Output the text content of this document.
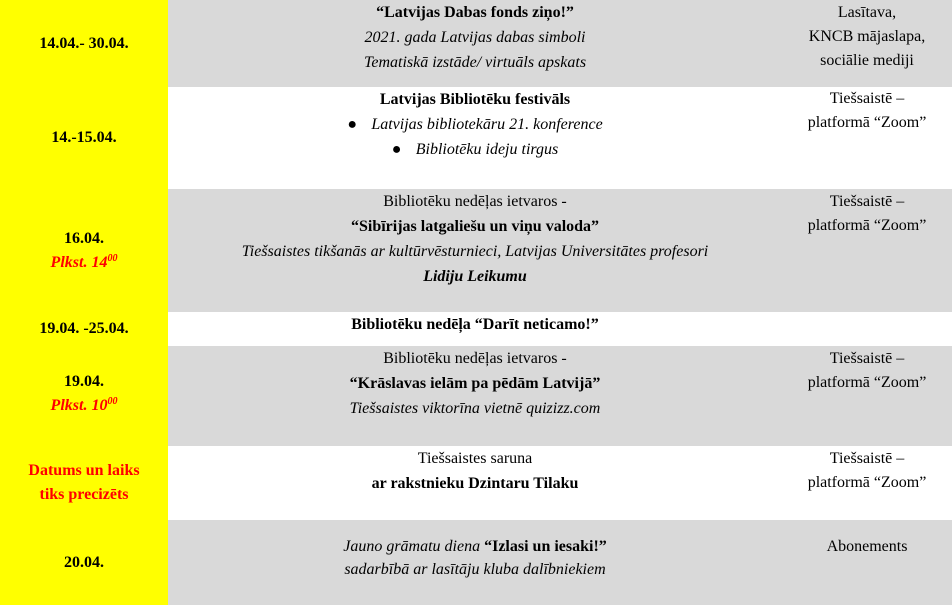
14.04.- 30.04.
“Latvijas Dabas fonds ziņo!”
2021. gada Latvijas dabas simboli
Tematiskā izstāde/ virtuāls apskats
Lasītava,
KNCB mājaslapa,
sociālie mediji
14.-15.04.
Latvijas Bibliotēku festivāls
● Latvijas bibliotekāru 21. konference
● Bibliotēku ideju tirgus
Tiešsaistē –
platformā “Zoom”
16.04.
Plkst. $14^{00}$
Bibliotēku nedēļas ietvaros -
“Sibīrijas latgaliešu un viņu valoda”
Tiešsaistes tikšanās ar kultūrvēsturnieci, Latvijas Universitātes profesori
Lidiju Leikumu
Tiešsaistē –
platformā “Zoom”
19.04. -25.04.	Bibliotēku nedēļa “Darīt neticamo!”
19.04.
Plkst. $10^{00}$
Bibliotēku nedēļas ietvaros -
“Krāslavas ielām pa pēdām Latvijā”
Tiešsaistes viktorīna vietnē quizizz.com
Tiešsaistē –
platformā “Zoom”
Datums un laiks
tiks precizēts
Tiešsaistes saruna
ar rakstnieku Dzintaru Tilaku
Tiešsaistē –
platformā “Zoom”
20.04.
Jauno grāmatu diena “Izlasi un iesaki!”
sadarbībā ar lasītāju kluba dalībniekiem
Abonements
